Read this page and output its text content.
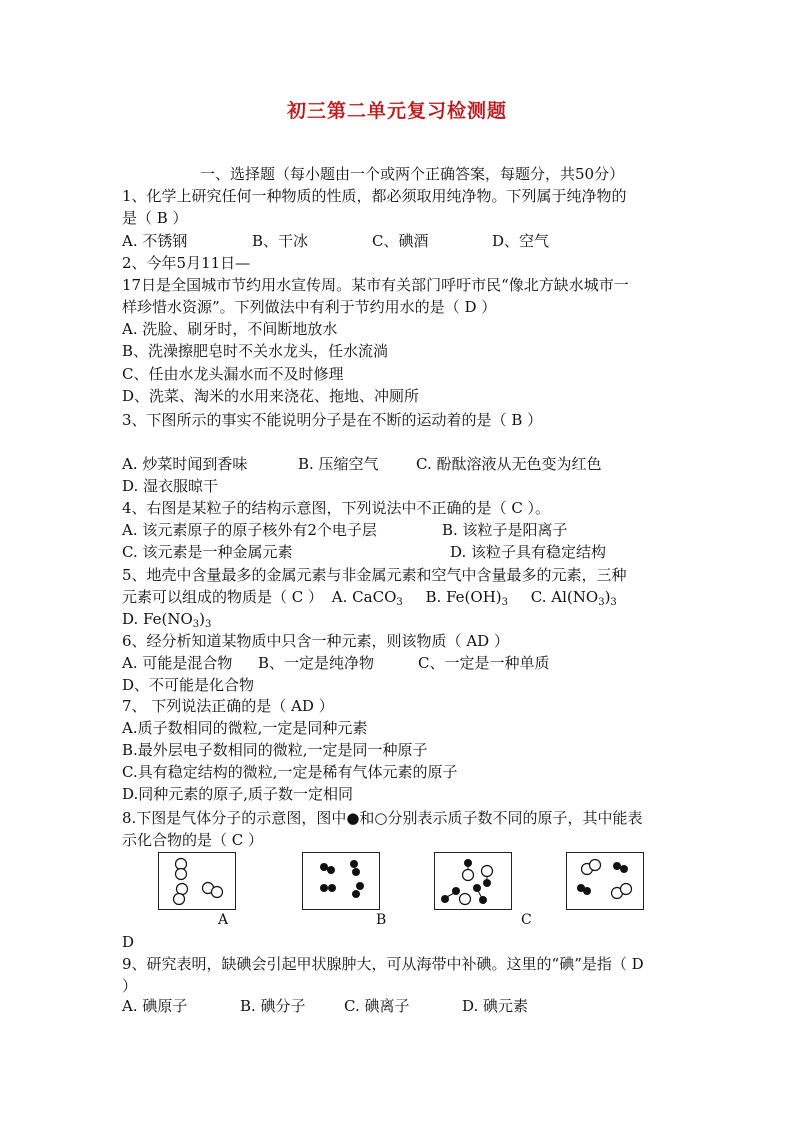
初三第二单元复习检测题
一、选择题（每小题由一个或两个正确答案，每题分，共50分）
1、化学上研究任何一种物质的性质，都必须取用纯净物。下列属于纯净物的
是（ B ）
A. 不锈钢	B、干冰	C、碘酒	D、空气
2、今年5月11日—
17日是全国城市节约用水宣传周。某市有关部门呼吁市民“像北方缺水城市一
样珍惜水资源”。下列做法中有利于节约用水的是（ D ）
A. 洗脸、刷牙时，不间断地放水
B、洗澡擦肥皂时不关水龙头，任水流淌
C、任由水龙头漏水而不及时修理
D、洗菜、淘米的水用来浇花、拖地、冲厕所
3、下图所示的事实不能说明分子是在不断的运动着的是（ B ）
A. 炒菜时闻到香味	B. 压缩空气 C. 酚酞溶液从无色变为红色
D. 湿衣服晾干
4、右图是某粒子的结构示意图，下列说法中不正确的是（ C ）。
A. 该元素原子的原子核外有2个电子层	B. 该粒子是阳离子
C. 该元素是一种金属元素	D. 该粒子具有稳定结构
5、地壳中含量最多的金属元素与非金属元素和空气中含量最多的元素，三种
元素可以组成的物质是（ C ） A. CaCO$_3$ B. $Fe(OH)_3$ C. $Al(NO_3)_3$
D. $Fe(NO_3)_3$
6、经分析知道某物质中只含一种元素，则该物质（ AD ）
A. 可能是混合物 B、一定是纯净物	C、一定是一种单质
D、不可能是化合物
7、 下列说法正确的是（ AD ）
A.质子数相同的微粒,一定是同种元素
B.最外层电子数相同的微粒,一定是同一种原子
C.具有稳定结构的微粒,一定是稀有气体元素的原子
D.同种元素的原子,质子数一定相同
8.下图是气体分子的示意图，图中●和○分别表示质子数不同的原子，其中能表
示化合物的是（ C ）
A	B	C
D
9、研究表明，缺碘会引起甲状腺肿大，可从海带中补碘。这里的“碘”是指（ D
）
A. 碘原子	B. 碘分子	C. 碘离子	D. 碘元素
